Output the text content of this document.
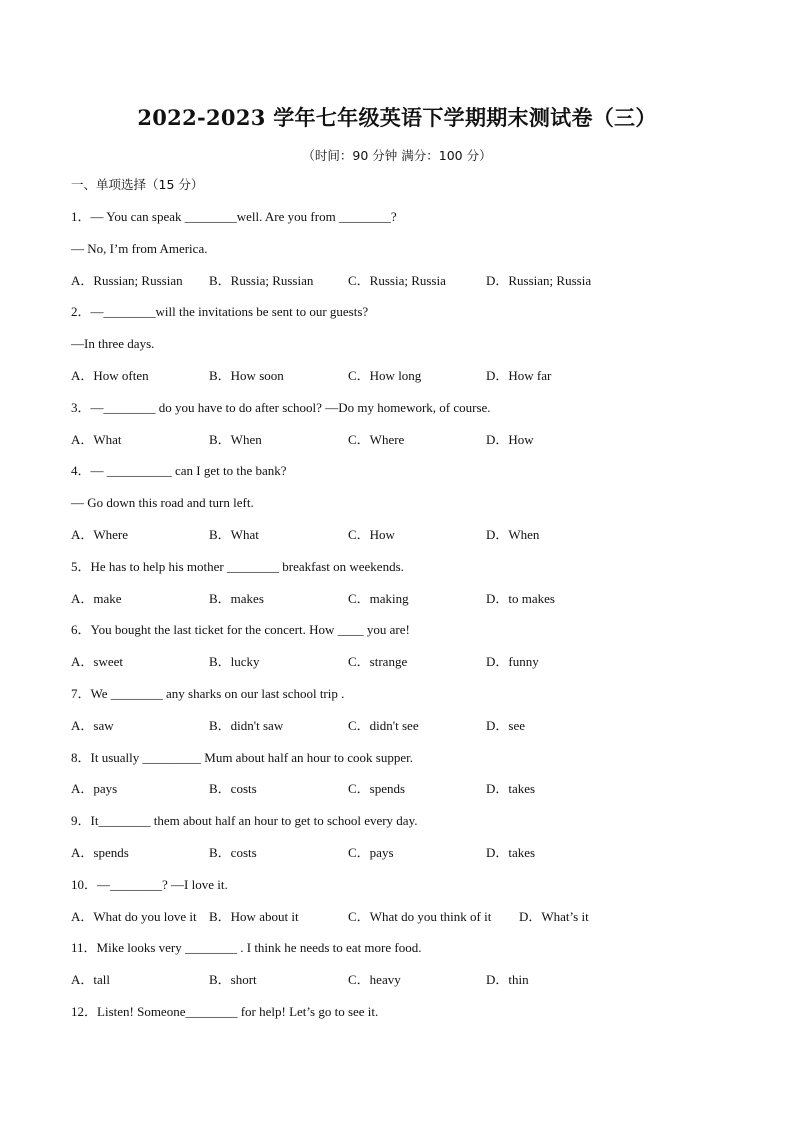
2022-2023 学年七年级英语下学期期末测试卷（三）
（时间：90 分钟 满分：100 分）
一、单项选择（15 分）
1．— You can speak ________well. Are you from ________?
— No, I’m from America.
A．Russian; Russian B．Russia; Russian	C．Russia; Russia	D．Russian; Russia
2．—________will the invitations be sent to our guests?
—In three days.
A．How often	B．How soon	C．How long	D．How far
3．—________ do you have to do after school? —Do my homework, of course.
A．What	B．When	C．Where	D．How
4．— __________ can I get to the bank?
— Go down this road and turn left.
A．Where	B．What	C．How	D．When
5．He has to help his mother ________ breakfast on weekends.
A．make	B．makes	C．making	D．to makes
6．You bought the last ticket for the concert. How ____ you are!
A．sweet	B．lucky	C．strange	D．funny
7．We ________ any sharks on our last school trip .
A．saw	B．didn't saw	C．didn't see	D．see
8．It usually _________ Mum about half an hour to cook supper.
A．pays	B．costs	C．spends	D．takes
9．It________ them about half an hour to get to school every day.
A．spends	B．costs	C．pays	D．takes
10．—________? —I love it.
A．What do you love it B．How about it	C．What do you think of it D．What’s it
11．Mike looks very ________ . I think he needs to eat more food.
A．tall	B．short	C．heavy	D．thin
12．Listen! Someone________ for help! Let’s go to see it.
